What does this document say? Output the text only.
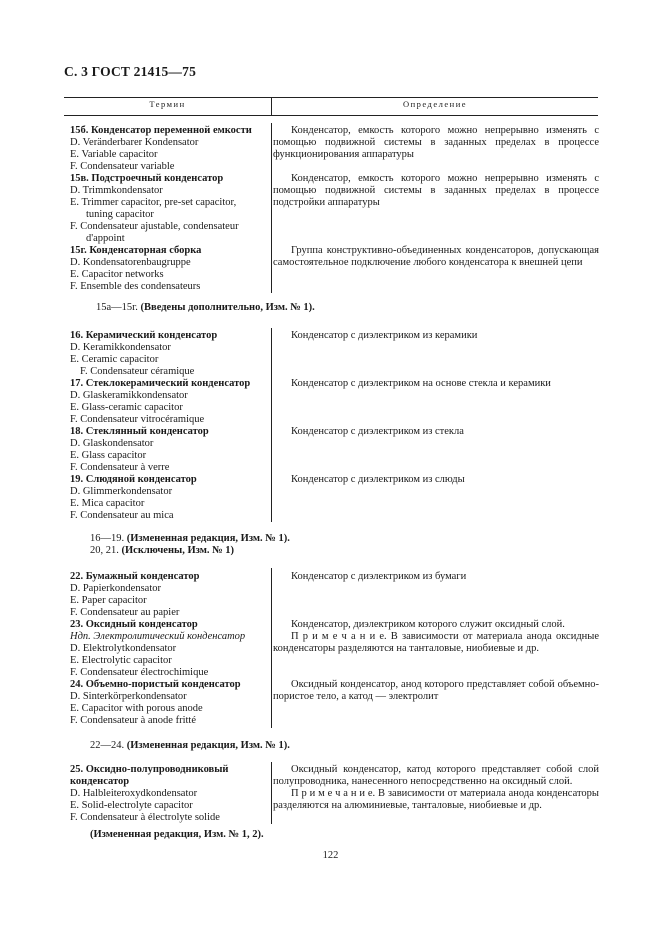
С. 3 ГОСТ 21415—75
Термин	Определение
15б. Конденсатор переменной емкости
D. Veränderbarer Kondensator
E. Variable capacitor
F. Condensateur variable
15в. Подстроечный конденсатор
D. Trimmkondensator
E. Trimmer capacitor, pre-set capacitor,
tuning capacitor
F. Condensateur ajustable, condensateur
d'appoint
15г. Конденсаторная сборка
D. Kondensatorenbaugruppe
E. Capacitor networks
F. Ensemble des condensateurs
Конденсатор, емкость которого можно непрерывно изменять с помощью подвижной системы в заданных пределах в процессе функционирования аппаратуры
Конденсатор, емкость которого можно непрерывно изменять с помощью подвижной системы в заданных пределах в процессе подстройки аппаратуры
Группа конструктивно-объединенных конденсаторов, допускающая самостоятельное подключение любого конденсатора к внешней цепи
15а—15г. (Введены дополнительно, Изм. № 1).
16. Керамический конденсатор
D. Keramikkondensator
E. Ceramic capacitor
F. Condensateur céramique
17. Стеклокерамический конденсатор
D. Glaskeramikkondensator
E. Glass-ceramic capacitor
F. Condensateur vitrocéramique
18. Стеклянный конденсатор
D. Glaskondensator
E. Glass capacitor
F. Condensateur à verre
19. Слюдяной конденсатор
D. Glimmerkondensator
E. Mica capacitor
F. Condensateur au mica
Конденсатор с диэлектриком из керамики
Конденсатор с диэлектриком на основе стекла и керамики
Конденсатор с диэлектриком из стекла
Конденсатор с диэлектриком из слюды
16—19. (Измененная редакция, Изм. № 1).
20, 21. (Исключены, Изм. № 1)
22. Бумажный конденсатор
D. Papierkondensator
E. Paper capacitor
F. Condensateur au papier
23. Оксидный конденсатор
Ндп. Электролитический конденсатор
D. Elektrolytkondensator
E. Electrolytic capacitor
F. Condensateur électrochimique
24. Объемно-пористый конденсатор
D. Sinterkörperkondensator
E. Capacitor with porous anode
F. Condensateur à anode fritté
Конденсатор с диэлектриком из бумаги
Конденсатор, диэлектриком которого служит оксидный слой.
П р и м е ч а н и е. В зависимости от материала анода оксидные конденсаторы разделяются на танталовые, ниобиевые и др.
Оксидный конденсатор, анод которого представляет собой объемно-пористое тело, а катод — электролит
22—24. (Измененная редакция, Изм. № 1).
25. Оксидно-полупроводниковый конденсатор
D. Halbleiteroxydkondensator
E. Solid-electrolyte capacitor
F. Condensateur à électrolyte solide
Оксидный конденсатор, катод которого представляет собой слой полупроводника, нанесенного непосредственно на оксидный слой.
П р и м е ч а н и е. В зависимости от материала анода конденсаторы разделяются на алюминиевые, танталовые, ниобиевые и др.
(Измененная редакция, Изм. № 1, 2).
122
